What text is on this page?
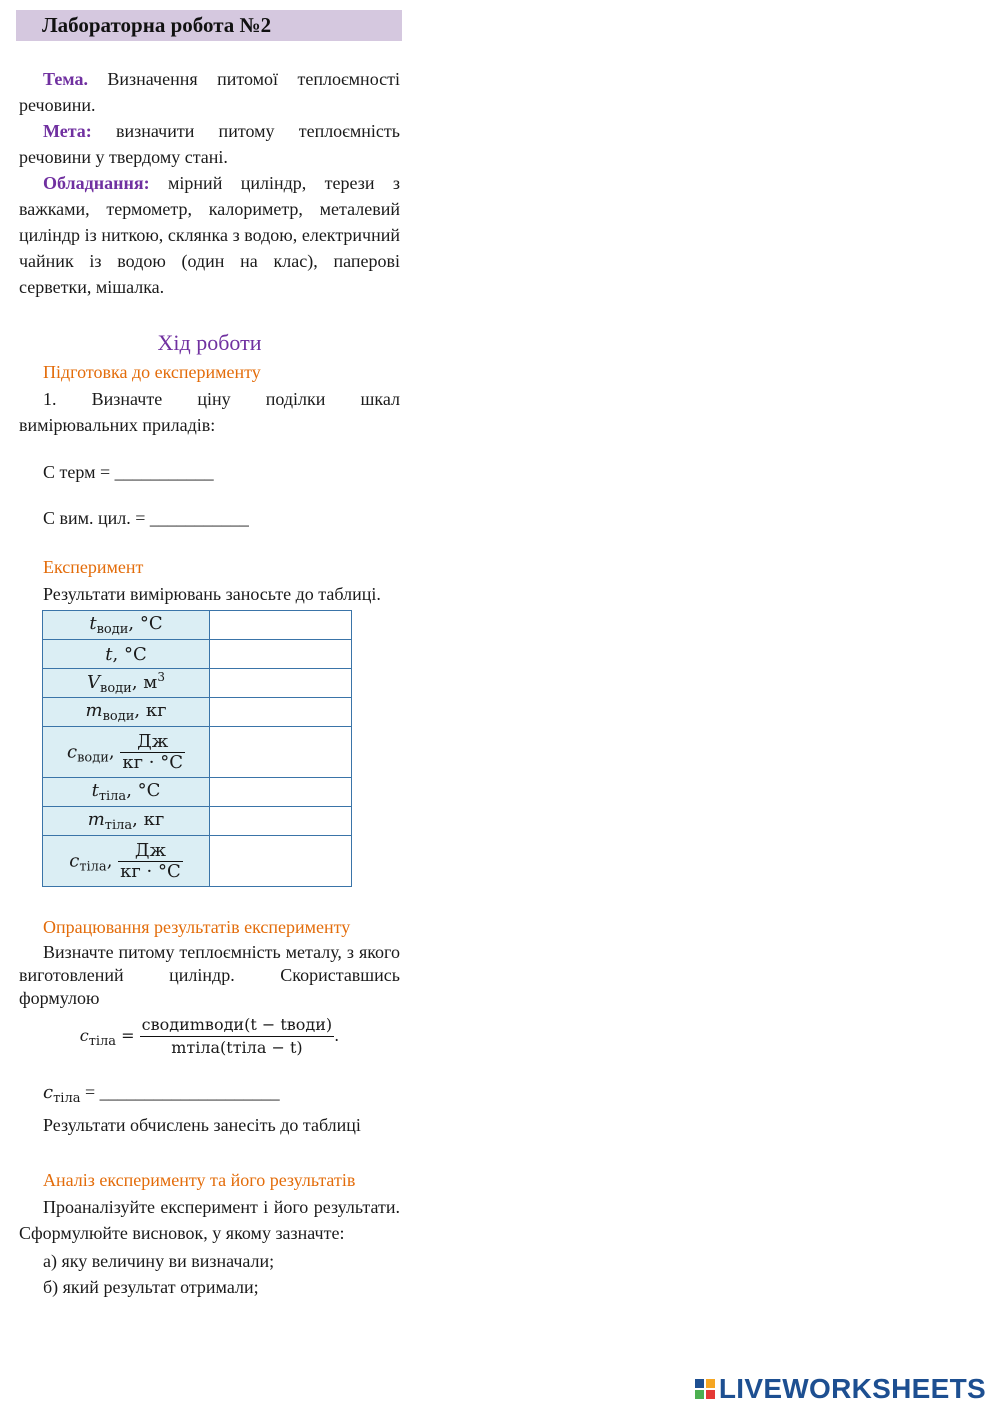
Лабораторна робота №2

Тема. Визначення питомої теплоємності речовини.

Мета: визначити питому теплоємність речовини у твердому стані.

Обладнання: мірний циліндр, терези з важками, термометр, калориметр, металевий циліндр із ниткою, склянка з водою, електричний чайник із водою (один на клас), паперові серветки, мішалка.

Хід роботи

Підготовка до експерименту

1. Визначте ціну поділки шкал вимірювальних приладів:

С терм = ___________
С вим. цил. = ___________

Експеримент

Результати вимірювань заносьте до таблиці.

$t_{води}$, °C	
t, °C	
$V_{води}$, $м^3$	
$m_{води}$, кг	
$c_{води}$, $\frac{Дж}{кг \cdot ^\circ C}$

$t_{тіла}$, °C	
$m_{тіла}$, кг	
$c_{тіла}$, $\frac{Дж}{кг \cdot ^\circ C}$

Опрацювання результатів експерименту

Визначте питому теплоємність металу, з якого виготовлений циліндр. Скориставшись формулою

$c_{тіла} = \frac{\text{cводиmводи(t − tводи)}}{\text{mтіла(tтіла − t)}}$ .
$c_{тіла}$ = ____________________

Результати обчислень занесіть до таблиці

Аналіз експерименту та його результатів

Проаналізуйте експеримент і його результати. Сформулюйте висновок, у якому зазначте:

а) яку величину ви визначали;

б) який результат отримали;

LIVEWORKSHEETS
